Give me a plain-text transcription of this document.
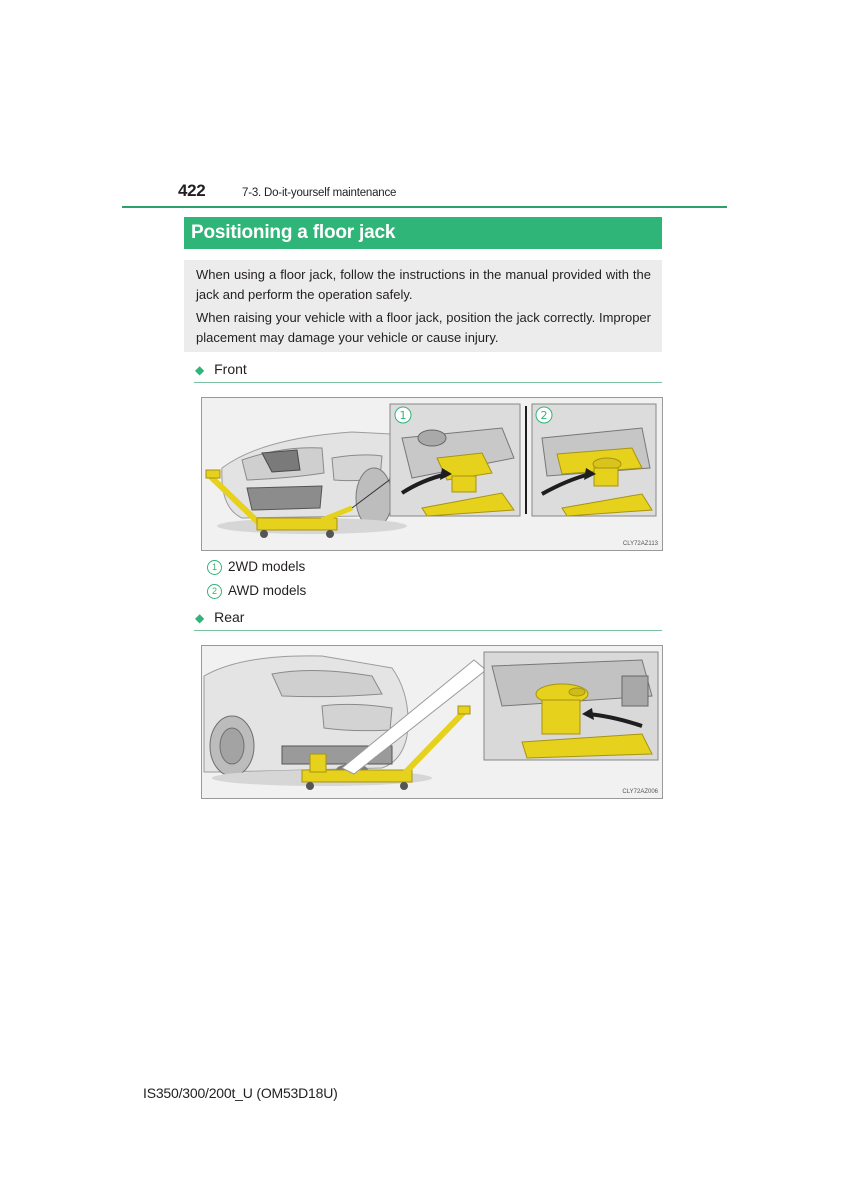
422	7-3. Do-it-yourself maintenance
Positioning a floor jack

When using a floor jack, follow the instructions in the manual provided with the jack and perform the operation safely.

When raising your vehicle with a floor jack, position the jack correctly. Improper placement may damage your vehicle or cause injury.

◆ Front
1	2
CLY72AZ113
1 2WD models
2 AWD models
◆ Rear
CLY72AZ006
IS350/300/200t_U (OM53D18U)
